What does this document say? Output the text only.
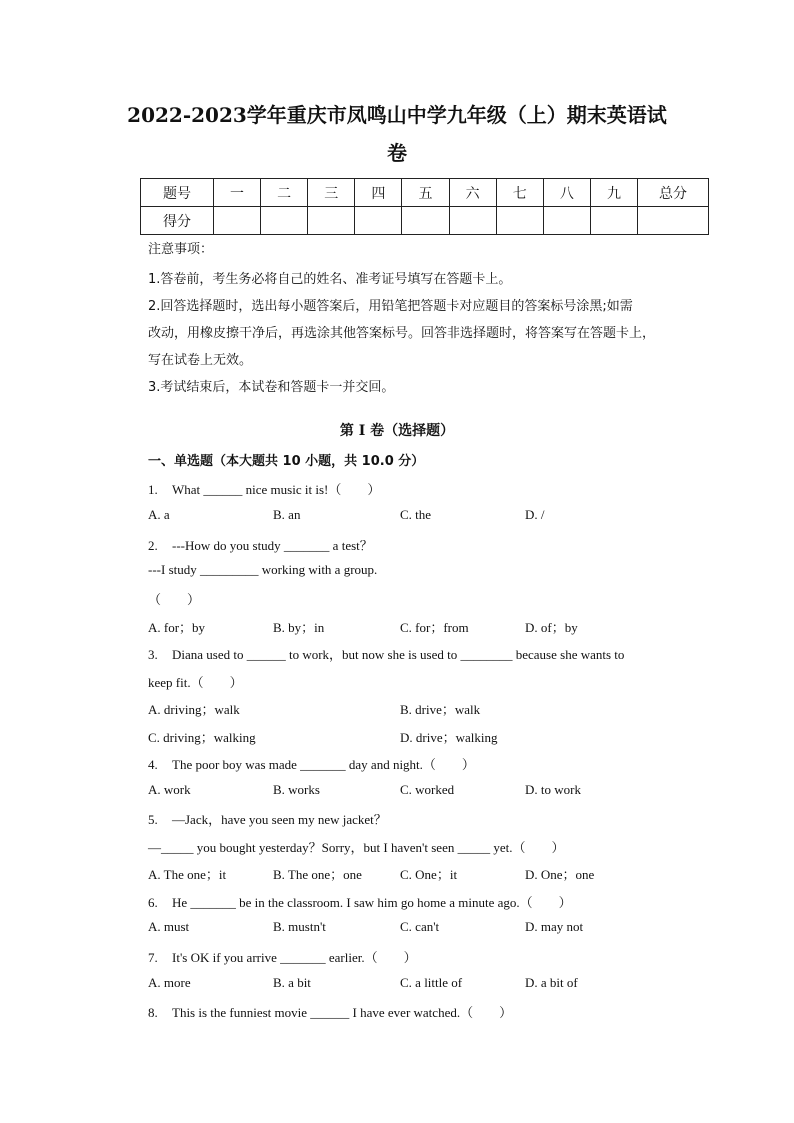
2022-2023学年重庆市凤鸣山中学九年级（上）期末英语试
卷
题号	一	二	三	四	五	六	七	八	九	总分
得分										
注意事项：

1.答卷前，考生务必将自己的姓名、准考证号填写在答题卡上。

2.回答选择题时，选出每小题答案后，用铅笔把答题卡对应题目的答案标号涂黑;如需

改动，用橡皮擦干净后，再选涂其他答案标号。回答非选择题时，将答案写在答题卡上，

写在试卷上无效。

3.考试结束后，本试卷和答题卡一并交回。

第 I 卷（选择题）
一、单选题（本大题共 10 小题，共 10.0 分）
1. What ______ nice music it is!（　　）
A. a	B. an	C. the	D. /
2. ---How do you study _______ a test？
---I study _________ working with a group.
（　　）
A. for；by	B. by；in	C. for；from	D. of；by
3. Diana used to ______ to work，but now she is used to ________ because she wants to
keep fit.（　　）
A. driving；walk	B. drive；walk
C. driving；walking	D. drive；walking
4. The poor boy was made _______ day and night.（　　）
A. work	B. works	C. worked	D. to work
5. —Jack，have you seen my new jacket？
—_____ you bought yesterday？Sorry，but I haven't seen _____ yet.（　　）
A. The one；it	B. The one；one	C. One；it	D. One；one
6. He _______ be in the classroom. I saw him go home a minute ago.（　　）
A. must	B. mustn't	C. can't	D. may not
7. It's OK if you arrive _______ earlier.（　　）
A. more	B. a bit	C. a little of	D. a bit of
8. This is the funniest movie ______ I have ever watched.（　　）
